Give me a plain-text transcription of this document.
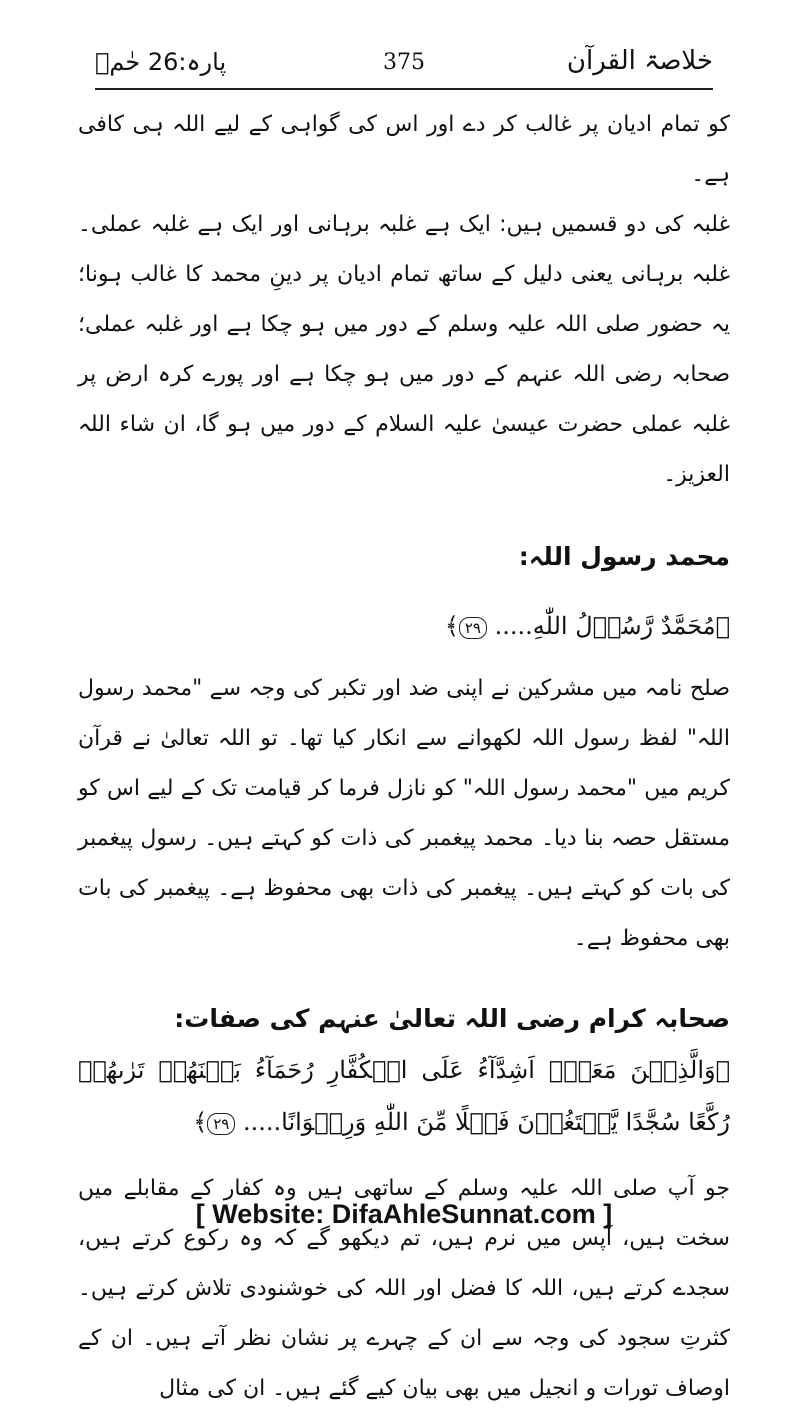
خلاصۃ القرآن
375
پارہ:26 حٰمۗ

کو تمام ادیان پر غالب کر دے اور اس کی گواہی کے لیے اللہ ہی کافی ہے۔

غلبہ کی دو قسمیں ہیں: ایک ہے غلبہ برہانی اور ایک ہے غلبہ عملی۔ غلبہ برہانی یعنی دلیل کے ساتھ تمام ادیان پر دینِ محمد کا غالب ہونا؛ یہ حضور صلی اللہ علیہ وسلم کے دور میں ہو چکا ہے اور غلبہ عملی؛ صحابہ رضی اللہ عنہم کے دور میں ہو چکا ہے اور پورے کرہ ارض پر غلبہ عملی حضرت عیسیٰ علیہ السلام کے دور میں ہو گا، ان شاء اللہ العزیز۔

محمد رسول اللہ:

﴿مُحَمَّدٌ رَّسُوۡلُ اللّٰهِ..... ۲۹﴾

صلح نامہ میں مشرکین نے اپنی ضد اور تکبر کی وجہ سے "محمد رسول اللہ" لفظ رسول اللہ لکھوانے سے انکار کیا تھا۔ تو اللہ تعالیٰ نے قرآن کریم میں "محمد رسول اللہ" کو نازل فرما کر قیامت تک کے لیے اس کو مستقل حصہ بنا دیا۔ محمد پیغمبر کی ذات کو کہتے ہیں۔ رسول پیغمبر کی بات کو کہتے ہیں۔ پیغمبر کی ذات بھی محفوظ ہے۔ پیغمبر کی بات بھی محفوظ ہے۔

صحابہ کرام رضی اللہ تعالیٰ عنہم کی صفات:

﴿وَالَّذِيۡنَ مَعَهٗۤ اَشِدَّآءُ عَلَى الۡكُفَّارِ رُحَمَآءُ بَيۡنَهُمۡ تَرٰٮهُمۡ رُكَّعًا سُجَّدًا يَّبۡتَغُوۡنَ فَضۡلًا مِّنَ اللّٰهِ وَرِضۡوَانًا..... ۲۹﴾

جو آپ صلی اللہ علیہ وسلم کے ساتھی ہیں وہ کفار کے مقابلے میں سخت ہیں، آپس میں نرم ہیں، تم دیکھو گے کہ وہ رکوع کرتے ہیں، سجدے کرتے ہیں، اللہ کا فضل اور اللہ کی خوشنودی تلاش کرتے ہیں۔ کثرتِ سجود کی وجہ سے ان کے چہرے پر نشان نظر آتے ہیں۔ ان کے اوصاف تورات و انجیل میں بھی بیان کیے گئے ہیں۔ ان کی مثال

[ Website: DifaAhleSunnat.com ]
